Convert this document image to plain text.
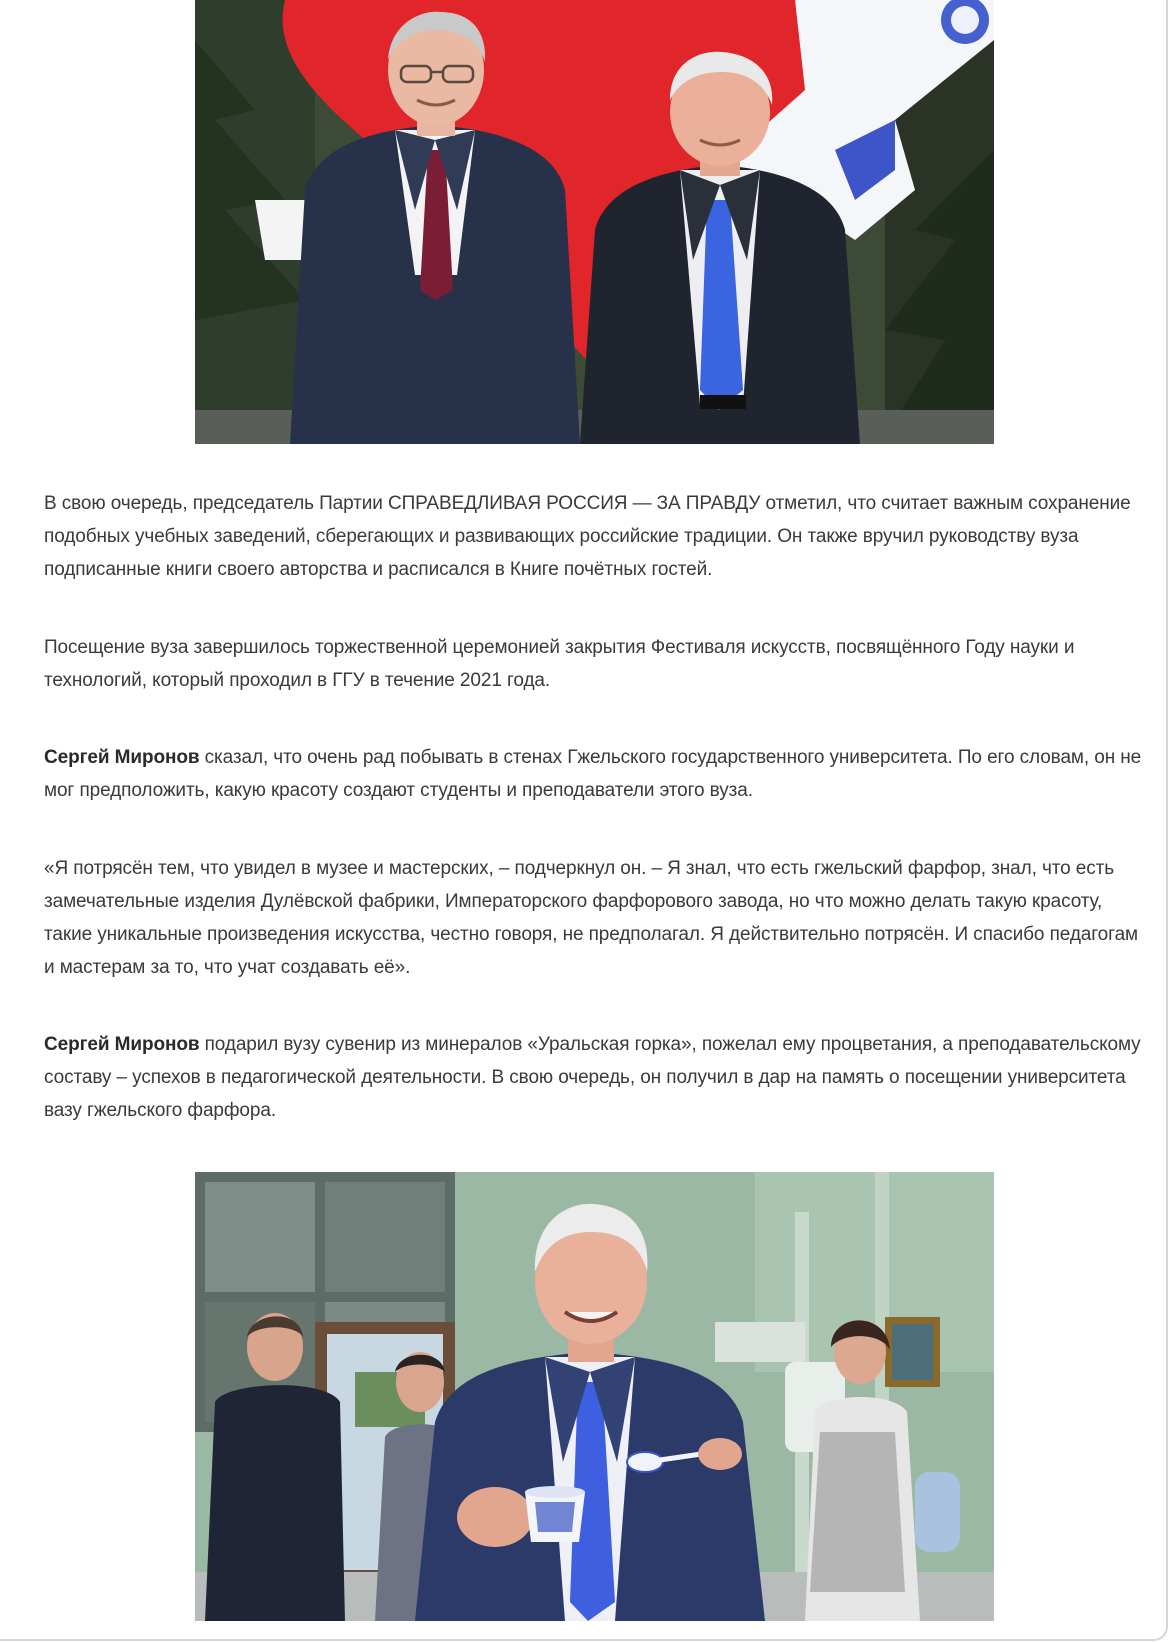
В свою очередь, председатель Партии СПРАВЕДЛИВАЯ РОССИЯ — ЗА ПРАВДУ отметил, что считает важным сохранение подобных учебных заведений, сберегающих и развивающих российские традиции. Он также вручил руководству вуза подписанные книги своего авторства и расписался в Книге почётных гостей.

Посещение вуза завершилось торжественной церемонией закрытия Фестиваля искусств, посвящённого Году науки и технологий, который проходил в ГГУ в течение 2021 года.

Сергей Миронов сказал, что очень рад побывать в стенах Гжельского государственного университета. По его словам, он не мог предположить, какую красоту создают студенты и преподаватели этого вуза.

«Я потрясён тем, что увидел в музее и мастерских, – подчеркнул он. – Я знал, что есть гжельский фарфор, знал, что есть замечательные изделия Дулёвской фабрики, Императорского фарфорового завода, но что можно делать такую красоту, такие уникальные произведения искусства, честно говоря, не предполагал. Я действительно потрясён. И спасибо педагогам и мастерам за то, что учат создавать её».

Сергей Миронов подарил вузу сувенир из минералов «Уральская горка», пожелал ему процветания, а преподавательскому составу – успехов в педагогической деятельности. В свою очередь, он получил в дар на память о посещении университета вазу гжельского фарфора.
